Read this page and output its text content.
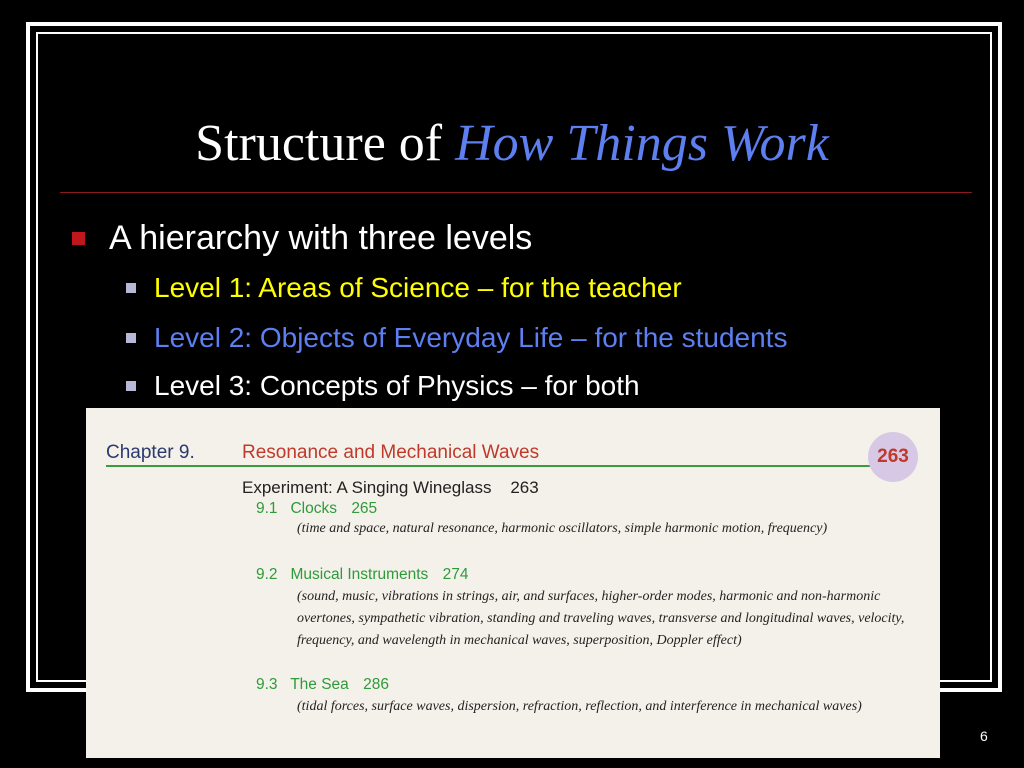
Structure of How Things Work
A hierarchy with three levels
Level 1: Areas of Science – for the teacher
Level 2: Objects of Everyday Life – for the students
Level 3: Concepts of Physics – for both
Chapter 9. Resonance and Mechanical Waves	263
Experiment: A Singing Wineglass    263
9.1 Clocks 265
(time and space, natural resonance, harmonic oscillators, simple harmonic motion, frequency)
9.2 Musical Instruments 274
(sound, music, vibrations in strings, air, and surfaces, higher-order modes, harmonic and non-harmonic overtones, sympathetic vibration, standing and traveling waves, transverse and longitudinal waves, velocity, frequency, and wavelength in mechanical waves, superposition, Doppler effect)
9.3 The Sea 286
(tidal forces, surface waves, dispersion, refraction, reflection, and interference in mechanical waves)
6
